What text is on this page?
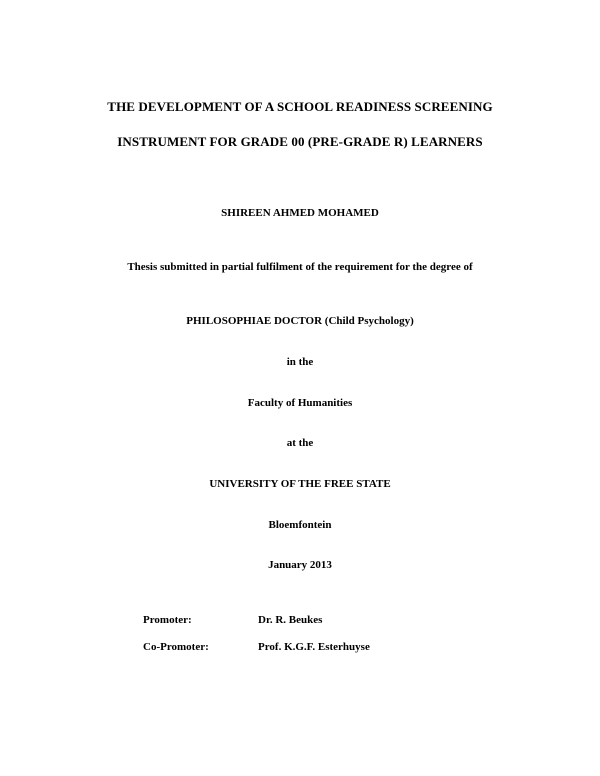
THE DEVELOPMENT OF A SCHOOL READINESS SCREENING
INSTRUMENT FOR GRADE 00 (PRE-GRADE R) LEARNERS
SHIREEN AHMED MOHAMED
Thesis submitted in partial fulfilment of the requirement for the degree of
PHILOSOPHIAE DOCTOR (Child Psychology)
in the
Faculty of Humanities
at the
UNIVERSITY OF THE FREE STATE
Bloemfontein
January 2013
Promoter:	Dr. R. Beukes
Co-Promoter:	Prof. K.G.F. Esterhuyse
